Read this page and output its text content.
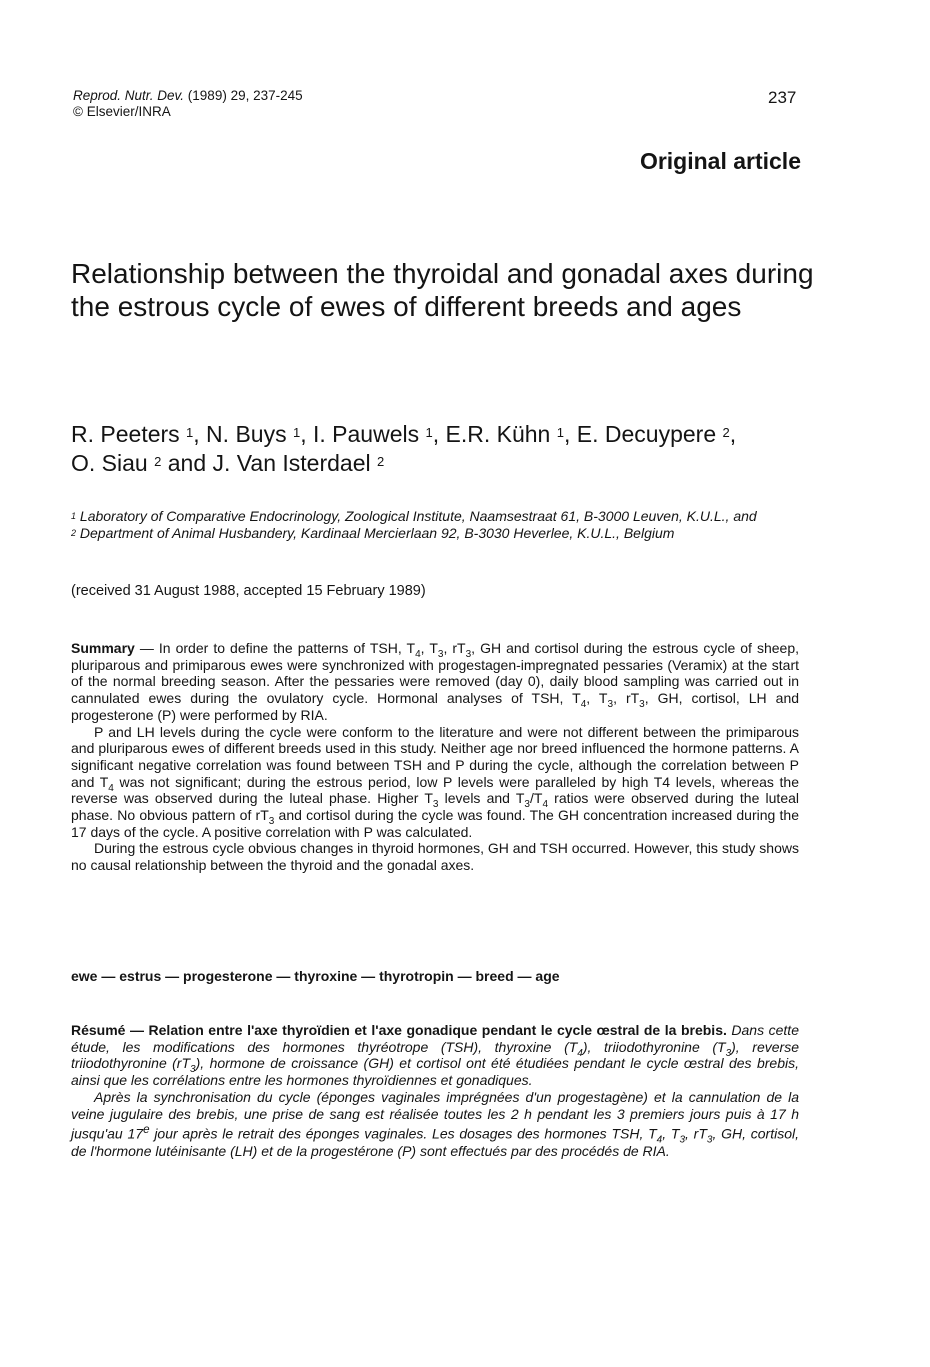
Reprod. Nutr. Dev. (1989) 29, 237-245
© Elsevier/INRA
237
Original article
Relationship between the thyroidal and gonadal axes during the estrous cycle of ewes of different breeds and ages
R. Peeters $^1$, N. Buys $^1$, I. Pauwels $^1$, E.R. Kühn $^1$, E. Decuypere $^2$,
O. Siau $^2$ and J. Van Isterdael $^2$
$^1$ Laboratory of Comparative Endocrinology, Zoological Institute, Naamsestraat 61, B-3000 Leuven, K.U.L., and
$^2$ Department of Animal Husbandery, Kardinaal Mercierlaan 92, B-3030 Heverlee, K.U.L., Belgium
(received 31 August 1988, accepted 15 February 1989)

Summary — In order to define the patterns of TSH, $T_4$, $T_3$, $rT_3$, GH and cortisol during the estrous cycle of sheep, pluriparous and primiparous ewes were synchronized with progestagen-impregnated pessaries (Veramix) at the start of the normal breeding season. After the pessaries were removed (day 0), daily blood sampling was carried out in cannulated ewes during the ovulatory cycle. Hormonal analyses of TSH, $T_4$, $T_3$, $rT_3$, GH, cortisol, LH and progesterone (P) were performed by RIA.

P and LH levels during the cycle were conform to the literature and were not different between the primiparous and pluriparous ewes of different breeds used in this study. Neither age nor breed influenced the hormone patterns. A significant negative correlation was found between TSH and P during the cycle, although the correlation between P and $T_4$ was not significant; during the estrous period, low P levels were paralleled by high T4 levels, whereas the reverse was observed during the luteal phase. Higher $T_3$ levels and $T_3/T_4$ ratios were observed during the luteal phase. No obvious pattern of $rT_3$ and cortisol during the cycle was found. The GH concentration increased during the 17 days of the cycle. A positive correlation with P was calculated.

During the estrous cycle obvious changes in thyroid hormones, GH and TSH occurred. However, this study shows no causal relationship between the thyroid and the gonadal axes.

ewe — estrus — progesterone — thyroxine — thyrotropin — breed — age

Résumé — Relation entre l'axe thyroïdien et l'axe gonadique pendant le cycle œstral de la brebis. Dans cette étude, les modifications des hormones thyréotrope (TSH), thyroxine $(T_4)$, triiodothyronine $(T_3)$, reverse triiodothyronine $(rT_3)$, hormone de croissance (GH) et cortisol ont été étudiées pendant le cycle œstral des brebis, ainsi que les corrélations entre les hormones thyroïdiennes et gonadiques.

Après la synchronisation du cycle (éponges vaginales imprégnées d'un progestagène) et la cannulation de la veine jugulaire des brebis, une prise de sang est réalisée toutes les 2 h pendant les 3 premiers jours puis à 17 h jusqu'au 17e jour après le retrait des éponges vaginales. Les dosages des hormones TSH, $T_4$, $T_3$, $rT_3$, GH, cortisol, de l'hormone lutéinisante (LH) et de la progestérone (P) sont effectués par des procédés de RIA.
